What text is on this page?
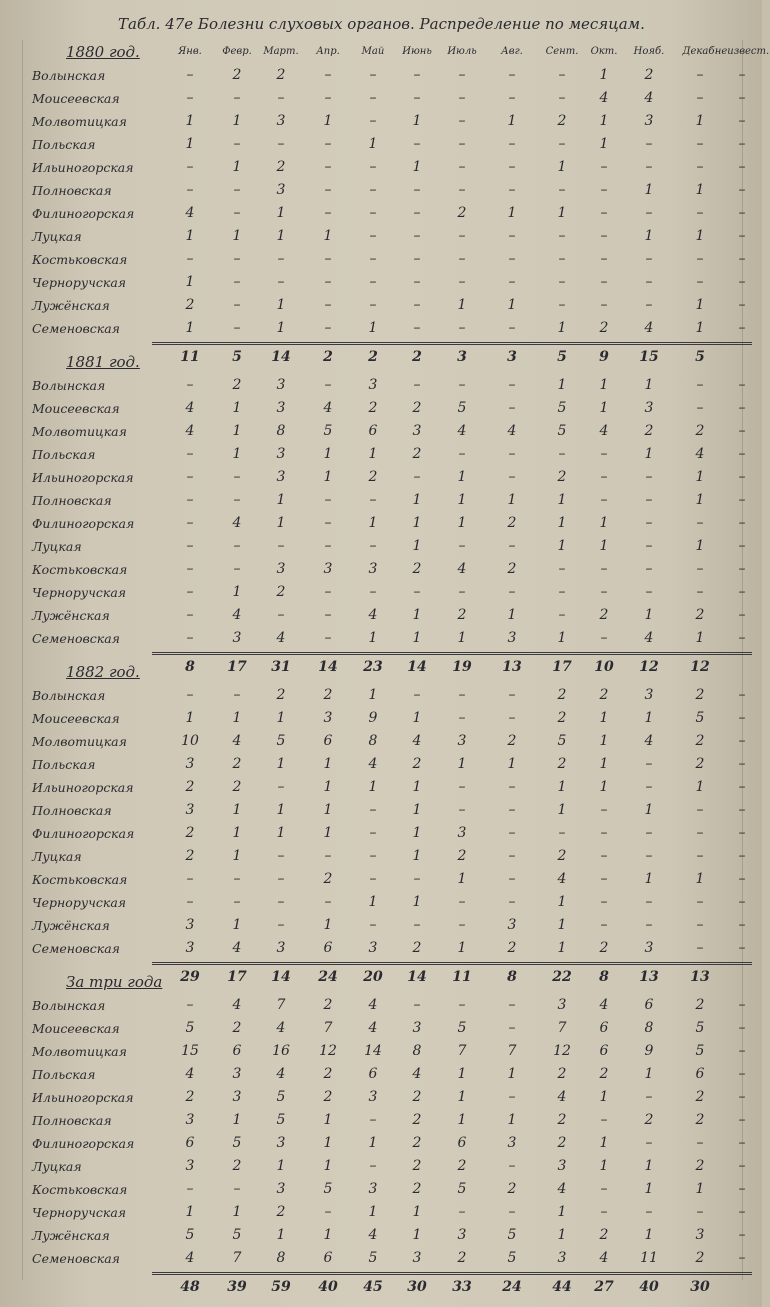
Табл. 47e Болезни слуховых органов. Распределение по месяцам.
Янв.	Февр.	Март.	Апр.	Май	Июнь	Июль	Авг.	Сент.	Окт.	Нояб.	Декаб.
неизвест.
1880 год.
Волынская	–	2	2	–	–	–	–	–	–	1	2	–	–
Моисеевская	–	–	–	–	–	–	–	–	–	4	4	–	–
Молвотицкая	1	1	3	1	–	1	–	1	2	1	3	1	–
Польская	1	–	–	–	1	–	–	–	–	1	–	–	–
Ильиногорская	–	1	2	–	–	1	–	–	1	–	–	–	–
Полновская	–	–	3	–	–	–	–	–	–	–	1	1	–
Филиногорская	4	–	1	–	–	–	2	1	1	–	–	–	–
Луцкая	1	1	1	1	–	–	–	–	–	–	1	1	–
Костьковская	–	–	–	–	–	–	–	–	–	–	–	–	–
Черноручская	1	–	–	–	–	–	–	–	–	–	–	–	–
Лужёнская	2	–	1	–	–	–	1	1	–	–	–	1	–
Семеновская	1	–	1	–	1	–	–	–	1	2	4	1	–
11	5	14	2	2	2	3	3	5	9	15	5
1881 год.
Волынская	–	2	3	–	3	–	–	–	1	1	1	–	–
Моисеевская	4	1	3	4	2	2	5	–	5	1	3	–	–
Молвотицкая	4	1	8	5	6	3	4	4	5	4	2	2	–
Польская	–	1	3	1	1	2	–	–	–	–	1	4	–
Ильиногорская	–	–	3	1	2	–	1	–	2	–	–	1	–
Полновская	–	–	1	–	–	1	1	1	1	–	–	1	–
Филиногорская	–	4	1	–	1	1	1	2	1	1	–	–	–
Луцкая	–	–	–	–	–	1	–	–	1	1	–	1	–
Костьковская	–	–	3	3	3	2	4	2	–	–	–	–	–
Черноручская	–	1	2	–	–	–	–	–	–	–	–	–	–
Лужёнская	–	4	–	–	4	1	2	1	–	2	1	2	–
Семеновская	–	3	4	–	1	1	1	3	1	–	4	1	–
8	17	31	14	23	14	19	13	17	10	12	12
1882 год.
Волынская	–	–	2	2	1	–	–	–	2	2	3	2	–
Моисеевская	1	1	1	3	9	1	–	–	2	1	1	5	–
Молвотицкая	10	4	5	6	8	4	3	2	5	1	4	2	–
Польская	3	2	1	1	4	2	1	1	2	1	–	2	–
Ильиногорская	2	2	–	1	1	1	–	–	1	1	–	1	–
Полновская	3	1	1	1	–	1	–	–	1	–	1	–	–
Филиногорская	2	1	1	1	–	1	3	–	–	–	–	–	–
Луцкая	2	1	–	–	–	1	2	–	2	–	–	–	–
Костьковская	–	–	–	2	–	–	1	–	4	–	1	1	–
Черноручская	–	–	–	–	1	1	–	–	1	–	–	–	–
Лужёнская	3	1	–	1	–	–	–	3	1	–	–	–	–
Семеновская	3	4	3	6	3	2	1	2	1	2	3	–	–
29	17	14	24	20	14	11	8	22	8	13	13
За три года
Волынская	–	4	7	2	4	–	–	–	3	4	6	2	–
Моисеевская	5	2	4	7	4	3	5	–	7	6	8	5	–
Молвотицкая	15	6	16	12	14	8	7	7	12	6	9	5	–
Польская	4	3	4	2	6	4	1	1	2	2	1	6	–
Ильиногорская	2	3	5	2	3	2	1	–	4	1	–	2	–
Полновская	3	1	5	1	–	2	1	1	2	–	2	2	–
Филиногорская	6	5	3	1	1	2	6	3	2	1	–	–	–
Луцкая	3	2	1	1	–	2	2	–	3	1	1	2	–
Костьковская	–	–	3	5	3	2	5	2	4	–	1	1	–
Черноручская	1	1	2	–	1	1	–	–	1	–	–	–	–
Лужёнская	5	5	1	1	4	1	3	5	1	2	1	3	–
Семеновская	4	7	8	6	5	3	2	5	3	4	11	2	–
48	39	59	40	45	30	33	24	44	27	40	30
